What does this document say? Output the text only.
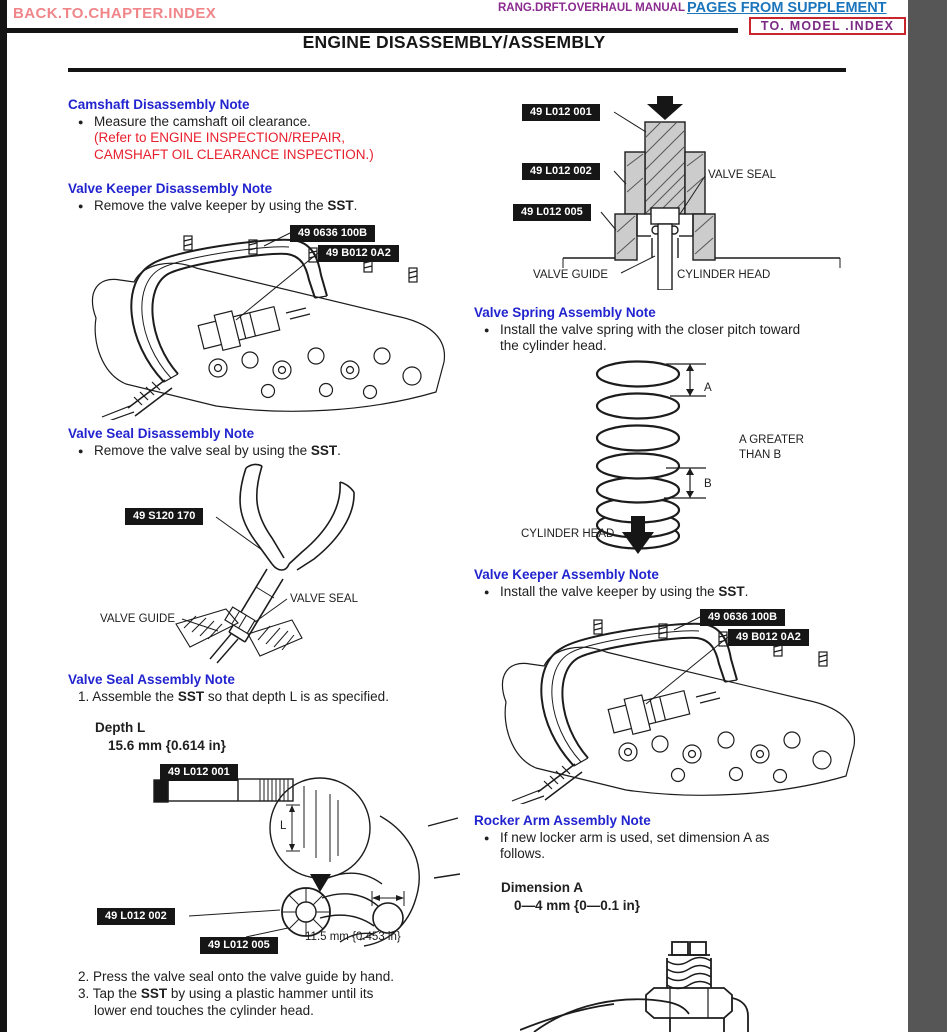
BACK.TO.CHAPTER.INDEX	RANG.DRFT.OVERHAUL MANUAL PAGES FROM SUPPLEMENT
TO. MODEL .INDEX
ENGINE DISASSEMBLY/ASSEMBLY
Camshaft Disassembly Note
● Measure the camshaft oil clearance.
(Refer to ENGINE INSPECTION/REPAIR,
CAMSHAFT OIL CLEARANCE INSPECTION.)
Valve Keeper Disassembly Note
● Remove the valve keeper by using the SST.
49 0636 100B
49 B012 0A2
Valve Seal Disassembly Note
● Remove the valve seal by using the SST.
49 S120 170
VALVE SEAL
VALVE GUIDE
Valve Seal Assembly Note
1. Assemble the SST so that depth L is as specified.
Depth L
15.6 mm {0.614 in}
49 L012 001
49 L012 002
49 L012 005
11.5 mm {0.453 in}
L
2. Press the valve seal onto the valve guide by hand.
3. Tap the SST by using a plastic hammer until its
lower end touches the cylinder head.
49 L012 001
49 L012 002
49 L012 005
VALVE SEAL
VALVE GUIDE	CYLINDER HEAD
Valve Spring Assembly Note
● Install the valve spring with the closer pitch toward
the cylinder head.
A
B
A GREATER
THAN B
CYLINDER HEAD
Valve Keeper Assembly Note
● Install the valve keeper by using the SST.
49 0636 100B
49 B012 0A2
Rocker Arm Assembly Note
● If new locker arm is used, set dimension A as
follows.
Dimension A
0—4 mm {0—0.1 in}
